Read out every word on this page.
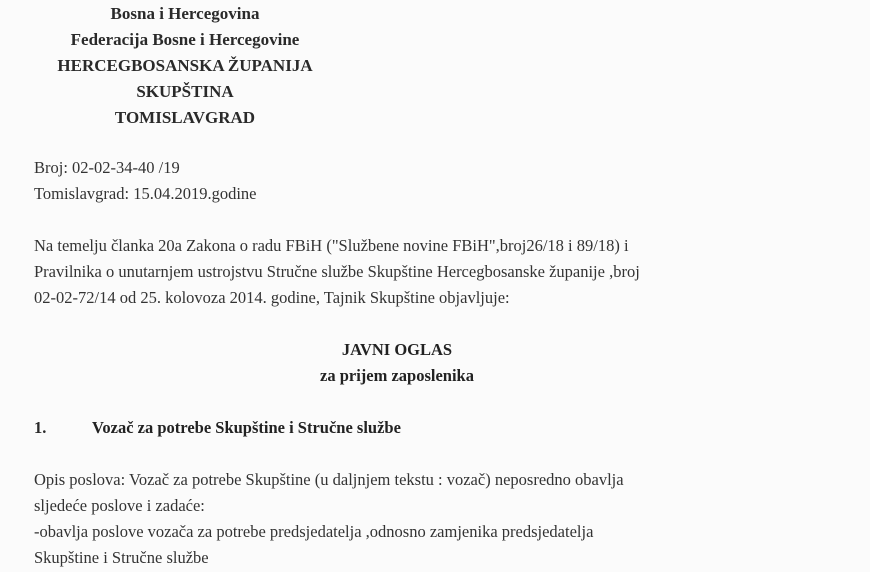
Bosna i Hercegovina
Federacija Bosne i Hercegovine
HERCEGBOSANSKA ŽUPANIJA
SKUPŠTINA
TOMISLAVGRAD
Broj: 02-02-34-40 /19
Tomislavgrad: 15.04.2019.godine
Na temelju članka 20a Zakona o radu FBiH ("Službene novine FBiH",broj26/18 i 89/18) i
Pravilnika o unutarnjem ustrojstvu Stručne službe Skupštine Hercegbosanske županije ,broj
02-02-72/14 od 25. kolovoza 2014. godine, Tajnik Skupštine objavljuje:
JAVNI OGLAS
za prijem zaposlenika
1.	Vozač za potrebe Skupštine i Stručne službe
Opis poslova: Vozač za potrebe Skupštine (u daljnjem tekstu : vozač) neposredno obavlja
sljedeće poslove i zadaće:
-obavlja poslove vozača za potrebe predsjedatelja ,odnosno zamjenika predsjedatelja
Skupštine i Stručne službe
